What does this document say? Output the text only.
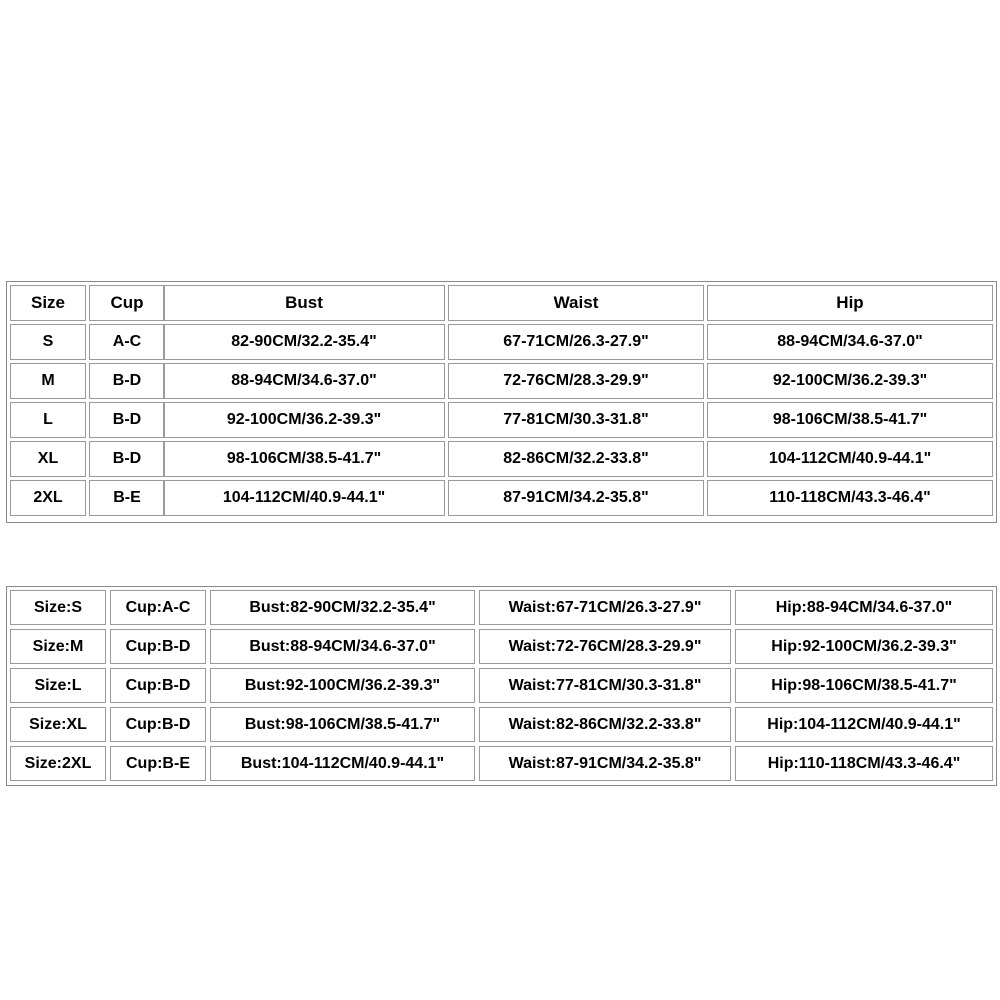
Size	Cup	Bust	Waist	Hip
S	A-C	82-90CM/32.2-35.4"	67-71CM/26.3-27.9"	88-94CM/34.6-37.0"
M	B-D	88-94CM/34.6-37.0"	72-76CM/28.3-29.9"	92-100CM/36.2-39.3"
L	B-D	92-100CM/36.2-39.3"	77-81CM/30.3-31.8"	98-106CM/38.5-41.7"
XL	B-D	98-106CM/38.5-41.7"	82-86CM/32.2-33.8"	104-112CM/40.9-44.1"
2XL	B-E	104-112CM/40.9-44.1"	87-91CM/34.2-35.8"	110-118CM/43.3-46.4"
Size:S	Cup:A-C	Bust:82-90CM/32.2-35.4"	Waist:67-71CM/26.3-27.9"	Hip:88-94CM/34.6-37.0"
Size:M	Cup:B-D	Bust:88-94CM/34.6-37.0"	Waist:72-76CM/28.3-29.9"	Hip:92-100CM/36.2-39.3"
Size:L	Cup:B-D	Bust:92-100CM/36.2-39.3"	Waist:77-81CM/30.3-31.8"	Hip:98-106CM/38.5-41.7"
Size:XL	Cup:B-D	Bust:98-106CM/38.5-41.7"	Waist:82-86CM/32.2-33.8"	Hip:104-112CM/40.9-44.1"
Size:2XL	Cup:B-E	Bust:104-112CM/40.9-44.1"	Waist:87-91CM/34.2-35.8"	Hip:110-118CM/43.3-46.4"
